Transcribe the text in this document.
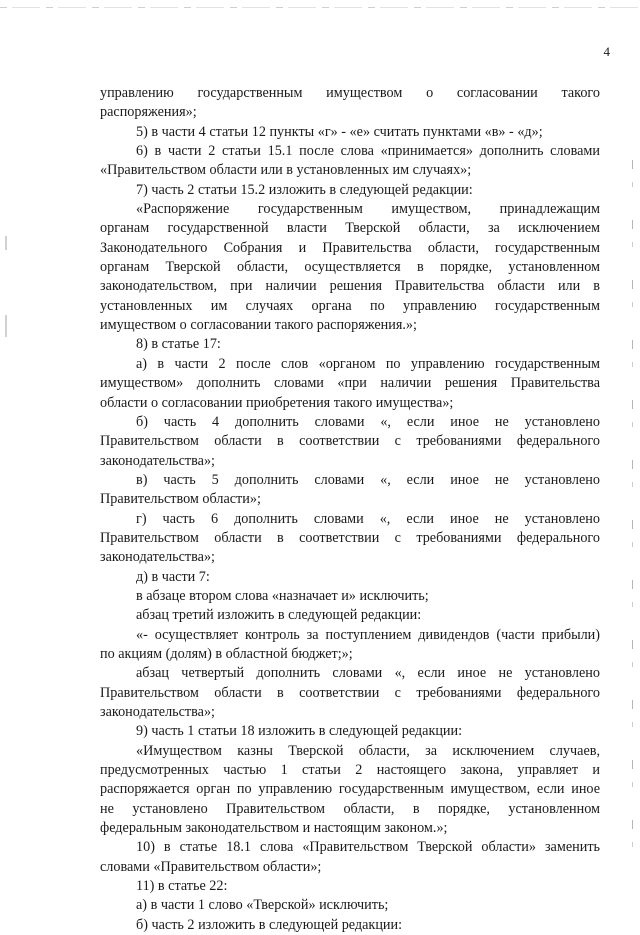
4
управлению государственным имуществом о согласовании такого
распоряжения»;
5) в части 4 статьи 12 пункты «г» - «е» считать пунктами «в» - «д»;
6) в части 2 статьи 15.1 после слова «принимается» дополнить словами
«Правительством области или в установленных им случаях»;
7) часть 2 статьи 15.2 изложить в следующей редакции:
«Распоряжение государственным имуществом, принадлежащим
органам государственной власти Тверской области, за исключением
Законодательного Собрания и Правительства области, государственным
органам Тверской области, осуществляется в порядке, установленном
законодательством, при наличии решения Правительства области или в
установленных им случаях органа по управлению государственным
имуществом о согласовании такого распоряжения.»;
8) в статье 17:
а) в части 2 после слов «органом по управлению государственным
имуществом» дополнить словами «при наличии решения Правительства
области о согласовании приобретения такого имущества»;
б) часть 4 дополнить словами «, если иное не установлено
Правительством области в соответствии с требованиями федерального
законодательства»;
в) часть 5 дополнить словами «, если иное не установлено
Правительством области»;
г) часть 6 дополнить словами «, если иное не установлено
Правительством области в соответствии с требованиями федерального
законодательства»;
д) в части 7:
в абзаце втором слова «назначает и» исключить;
абзац третий изложить в следующей редакции:
«- осуществляет контроль за поступлением дивидендов (части прибыли)
по акциям (долям) в областной бюджет;»;
абзац четвертый дополнить словами «, если иное не установлено
Правительством области в соответствии с требованиями федерального
законодательства»;
9) часть 1 статьи 18 изложить в следующей редакции:
«Имуществом казны Тверской области, за исключением случаев,
предусмотренных частью 1 статьи 2 настоящего закона, управляет и
распоряжается орган по управлению государственным имуществом, если иное
не установлено Правительством области, в порядке, установленном
федеральным законодательством и настоящим законом.»;
10) в статье 18.1 слова «Правительством Тверской области» заменить
словами «Правительством области»;
11) в статье 22:
а) в части 1 слово «Тверской» исключить;
б) часть 2 изложить в следующей редакции:
